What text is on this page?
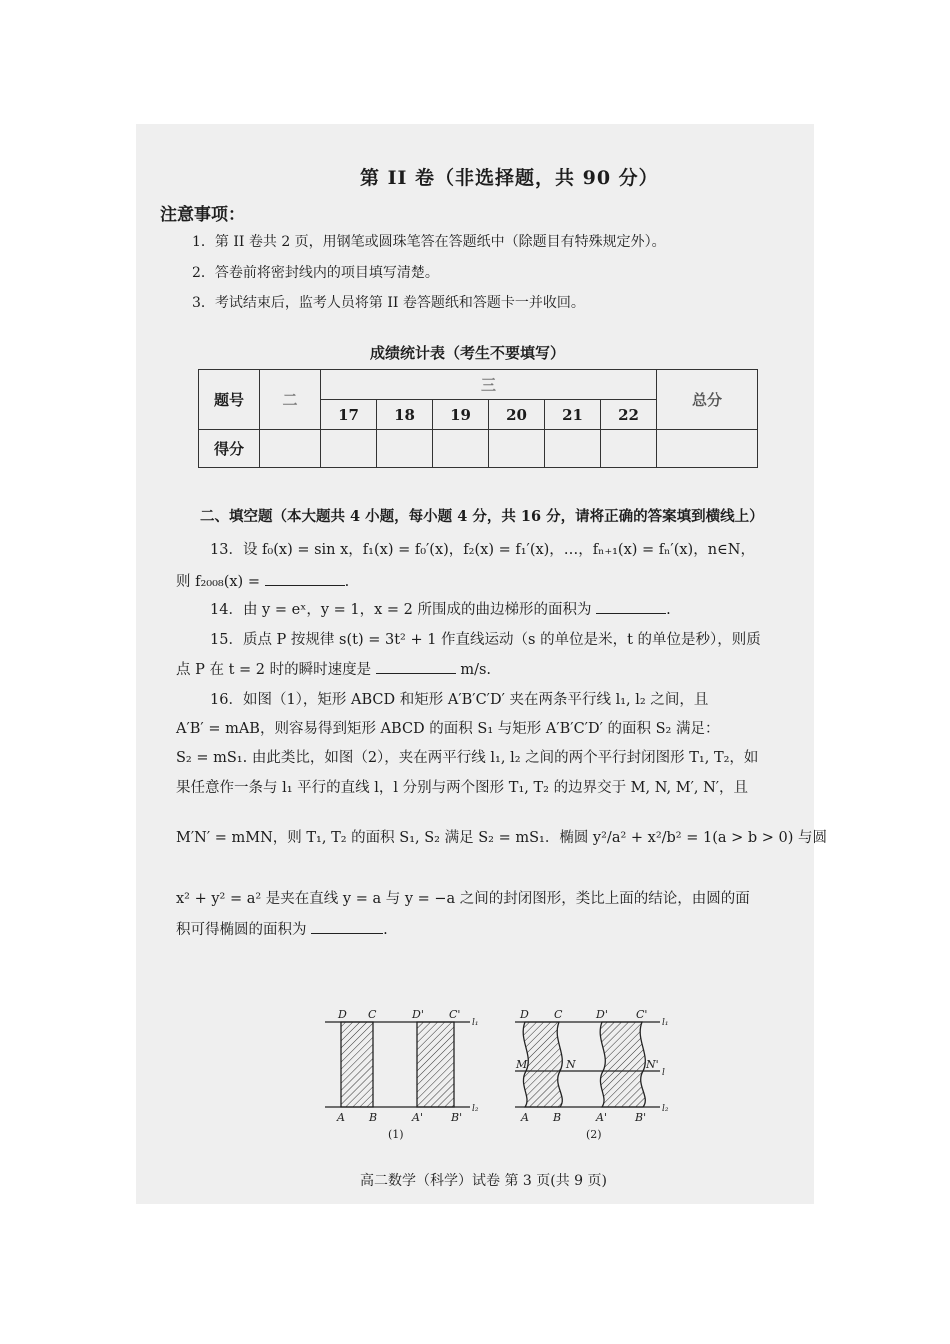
第 II 卷（非选择题，共 90 分）
注意事项：
1．第 II 卷共 2 页，用钢笔或圆珠笔答在答题纸中（除题目有特殊规定外）。
2．答卷前将密封线内的项目填写清楚。
3．考试结束后，监考人员将第 II 卷答题纸和答题卡一并收回。
成绩统计表（考生不要填写）
题号	二	三						总分
		17	18	19	20	21	22	
得分								
二、填空题（本大题共 4 小题，每小题 4 分，共 16 分，请将正确的答案填到横线上）
13．设 f₀(x) = sin x，f₁(x) = f₀′(x)，f₂(x) = f₁′(x)，…，fₙ₊₁(x) = fₙ′(x)，n∈N，
则 f₂₀₀₈(x) =	.
14．由 y = eˣ，y = 1，x = 2 所围成的曲边梯形的面积为	.
15．质点 P 按规律 s(t) = 3t² + 1 作直线运动（s 的单位是米，t 的单位是秒），则质
点 P 在 t = 2 时的瞬时速度是	m/s.
16．如图（1），矩形 ABCD 和矩形 A′B′C′D′ 夹在两条平行线 l₁, l₂ 之间，且
A′B′ = mAB，则容易得到矩形 ABCD 的面积 S₁ 与矩形 A′B′C′D′ 的面积 S₂ 满足：
S₂ = mS₁. 由此类比，如图（2），夹在两平行线 l₁, l₂ 之间的两个平行封闭图形 T₁, T₂，如
果任意作一条与 l₁ 平行的直线 l，l 分别与两个图形 T₁, T₂ 的边界交于 M, N, M′, N′，且
M′N′ = mMN，则 T₁, T₂ 的面积 S₁, S₂ 满足 S₂ = mS₁．椭圆 y²/a² + x²/b² = 1(a > b > 0) 与圆
x² + y² = a² 是夹在直线 y = a 与 y = −a 之间的封闭图形，类比上面的结论，由圆的面
积可得椭圆的面积为	.
D C	D' C'
l₁
A B	A'	B'
l₂
(1)
D C	D'	C'
l₁
M	N	N'
l
A B	A'	B'
l₂
(2)
高二数学（科学）试卷 第 3 页(共 9 页)
